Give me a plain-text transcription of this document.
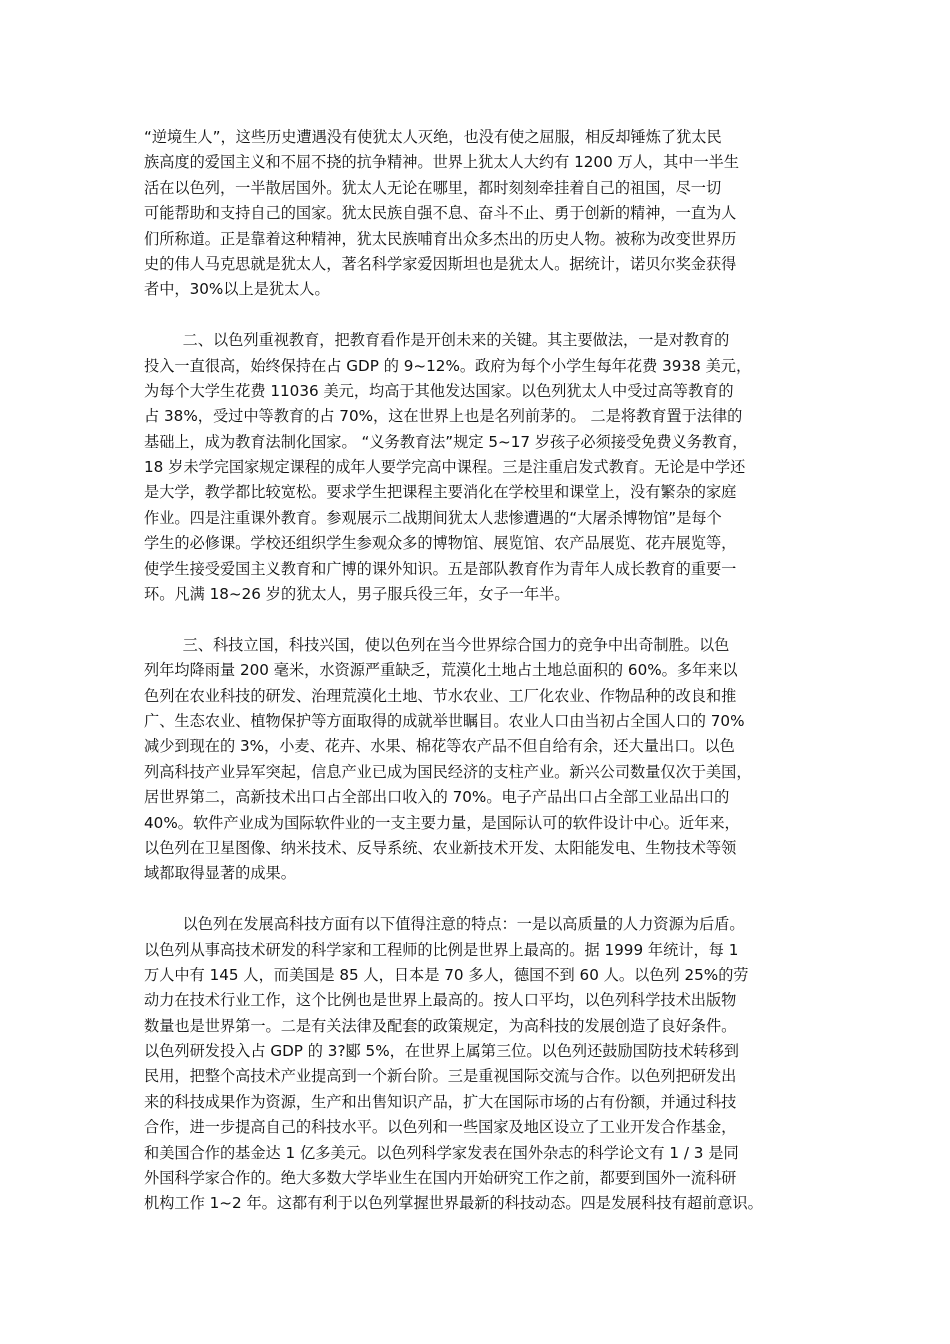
“逆境生人”，这些历史遭遇没有使犹太人灭绝，也没有使之屈服，相反却锤炼了犹太民
族高度的爱国主义和不屈不挠的抗争精神。世界上犹太人大约有 1200 万人，其中一半生
活在以色列，一半散居国外。犹太人无论在哪里，都时刻刻牵挂着自己的祖国，尽一切
可能帮助和支持自己的国家。犹太民族自强不息、奋斗不止、勇于创新的精神，一直为人
们所称道。正是靠着这种精神，犹太民族哺育出众多杰出的历史人物。被称为改变世界历
史的伟人马克思就是犹太人，著名科学家爱因斯坦也是犹太人。据统计，诺贝尔奖金获得
者中，30%以上是犹太人。
二、以色列重视教育，把教育看作是开创未来的关键。其主要做法，一是对教育的
投入一直很高，始终保持在占 GDP 的 9~12%。政府为每个小学生每年花费 3938 美元，
为每个大学生花费 11036 美元，均高于其他发达国家。以色列犹太人中受过高等教育的
占 38%，受过中等教育的占 70%，这在世界上也是名列前茅的。 二是将教育置于法律的
基础上，成为教育法制化国家。 “义务教育法”规定 5~17 岁孩子必须接受免费义务教育，
18 岁未学完国家规定课程的成年人要学完高中课程。三是注重启发式教育。无论是中学还
是大学，教学都比较宽松。要求学生把课程主要消化在学校里和课堂上，没有繁杂的家庭
作业。四是注重课外教育。参观展示二战期间犹太人悲惨遭遇的“大屠杀博物馆”是每个
学生的必修课。学校还组织学生参观众多的博物馆、展览馆、农产品展览、花卉展览等，
使学生接受爱国主义教育和广博的课外知识。五是部队教育作为青年人成长教育的重要一
环。凡满 18~26 岁的犹太人，男子服兵役三年，女子一年半。
三、科技立国，科技兴国，使以色列在当今世界综合国力的竞争中出奇制胜。以色
列年均降雨量 200 毫米，水资源严重缺乏，荒漠化土地占土地总面积的 60%。多年来以
色列在农业科技的研发、治理荒漠化土地、节水农业、工厂化农业、作物品种的改良和推
广、生态农业、植物保护等方面取得的成就举世瞩目。农业人口由当初占全国人口的 70%
减少到现在的 3%，小麦、花卉、水果、棉花等农产品不但自给有余，还大量出口。以色
列高科技产业异军突起，信息产业已成为国民经济的支柱产业。新兴公司数量仅次于美国，
居世界第二，高新技术出口占全部出口收入的 70%。电子产品出口占全部工业品出口的
40%。软件产业成为国际软件业的一支主要力量，是国际认可的软件设计中心。近年来，
以色列在卫星图像、纳米技术、反导系统、农业新技术开发、太阳能发电、生物技术等领
域都取得显著的成果。
以色列在发展高科技方面有以下值得注意的特点：一是以高质量的人力资源为后盾。
以色列从事高技术研发的科学家和工程师的比例是世界上最高的。据 1999 年统计，每 1
万人中有 145 人，而美国是 85 人，日本是 70 多人，德国不到 60 人。以色列 25%的劳
动力在技术行业工作，这个比例也是世界上最高的。按人口平均，以色列科学技术出版物
数量也是世界第一。二是有关法律及配套的政策规定，为高科技的发展创造了良好条件。
以色列研发投入占 GDP 的 3?郾 5%，在世界上属第三位。以色列还鼓励国防技术转移到
民用，把整个高技术产业提高到一个新台阶。三是重视国际交流与合作。以色列把研发出
来的科技成果作为资源，生产和出售知识产品，扩大在国际市场的占有份额，并通过科技
合作，进一步提高自己的科技水平。以色列和一些国家及地区设立了工业开发合作基金，
和美国合作的基金达 1 亿多美元。以色列科学家发表在国外杂志的科学论文有 1 / 3 是同
外国科学家合作的。绝大多数大学毕业生在国内开始研究工作之前，都要到国外一流科研
机构工作 1~2 年。这都有利于以色列掌握世界最新的科技动态。四是发展科技有超前意识。
